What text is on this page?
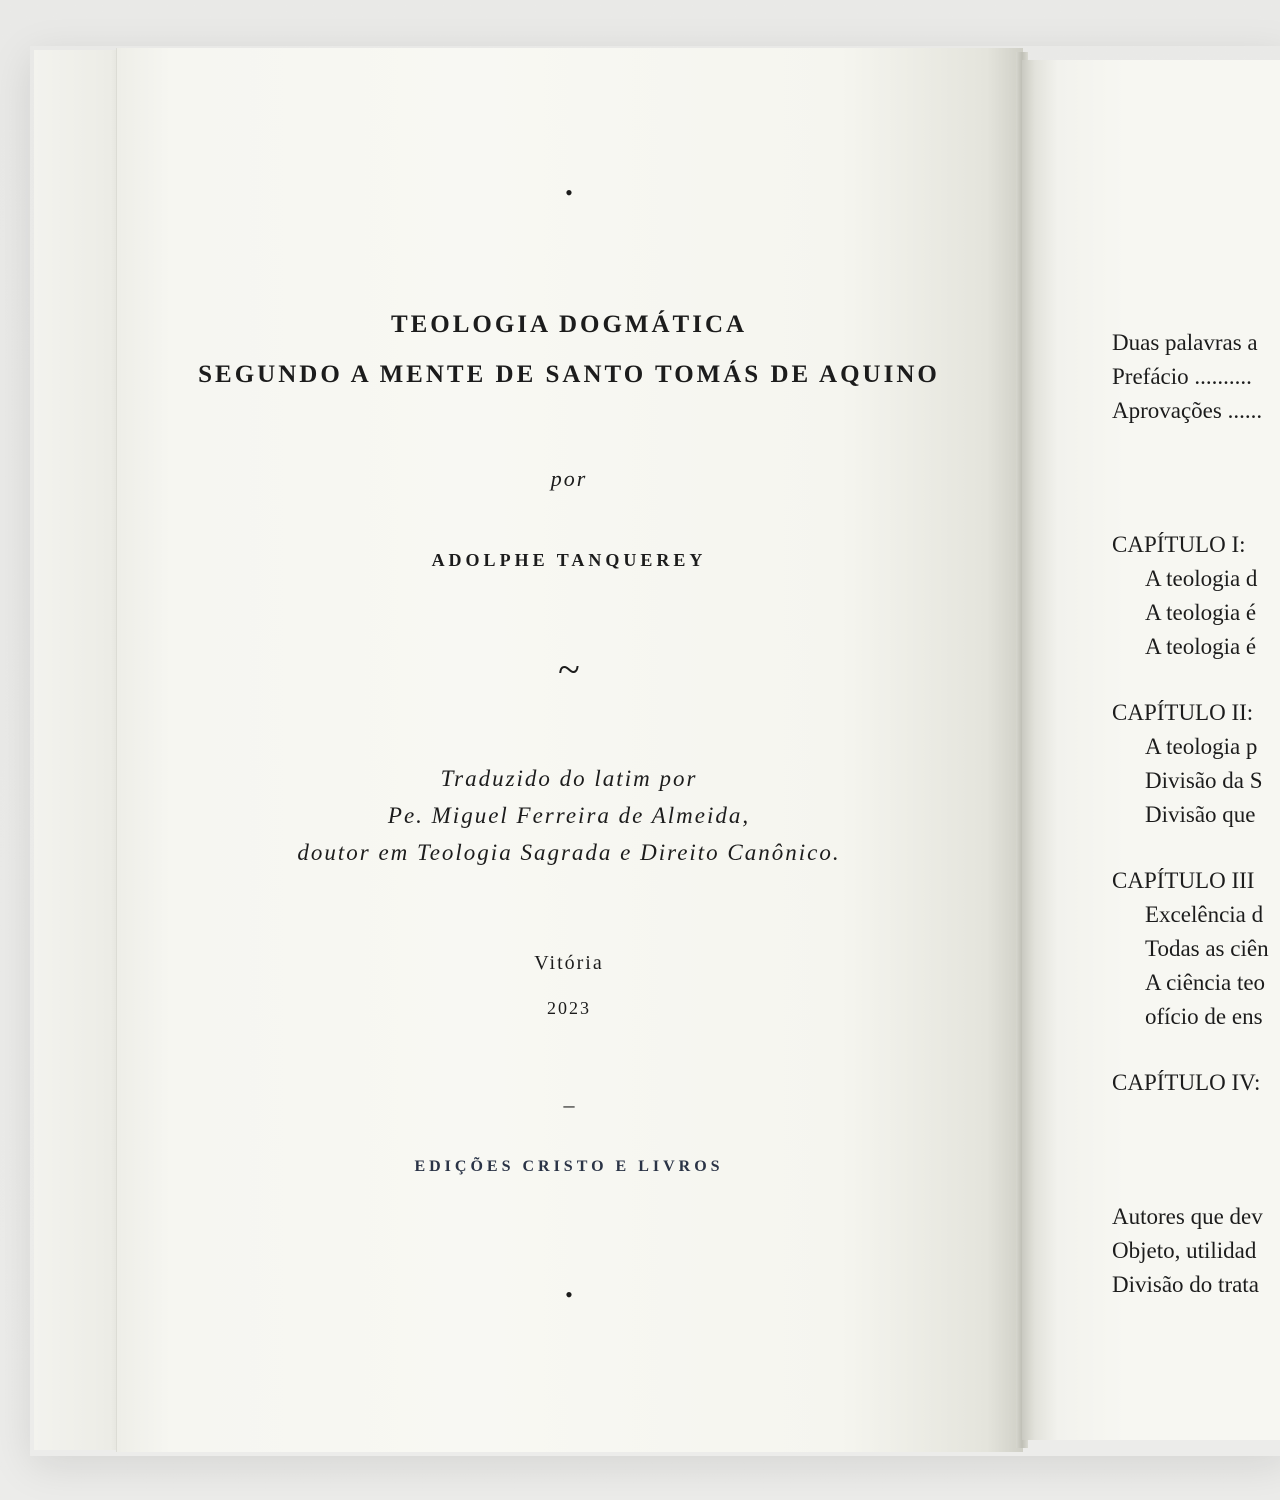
•
TEOLOGIA DOGMÁTICA
SEGUNDO A MENTE DE SANTO TOMÁS DE AQUINO
por
ADOLPHE TANQUEREY
~
Traduzido do latim por
Pe. Miguel Ferreira de Almeida,
doutor em Teologia Sagrada e Direito Canônico.
Vitória
2023
–
EDIÇÕES CRISTO E LIVROS
•
Duas palavras a
Prefácio ..........
Aprovações ......
CAPÍTULO I:
A teologia d
A teologia é
A teologia é
CAPÍTULO II:
A teologia p
Divisão da S
Divisão que
CAPÍTULO III
Excelência d
Todas as ciên
A ciência teo
ofício de ens
CAPÍTULO IV:
Autores que dev
Objeto, utilidad
Divisão do trata
